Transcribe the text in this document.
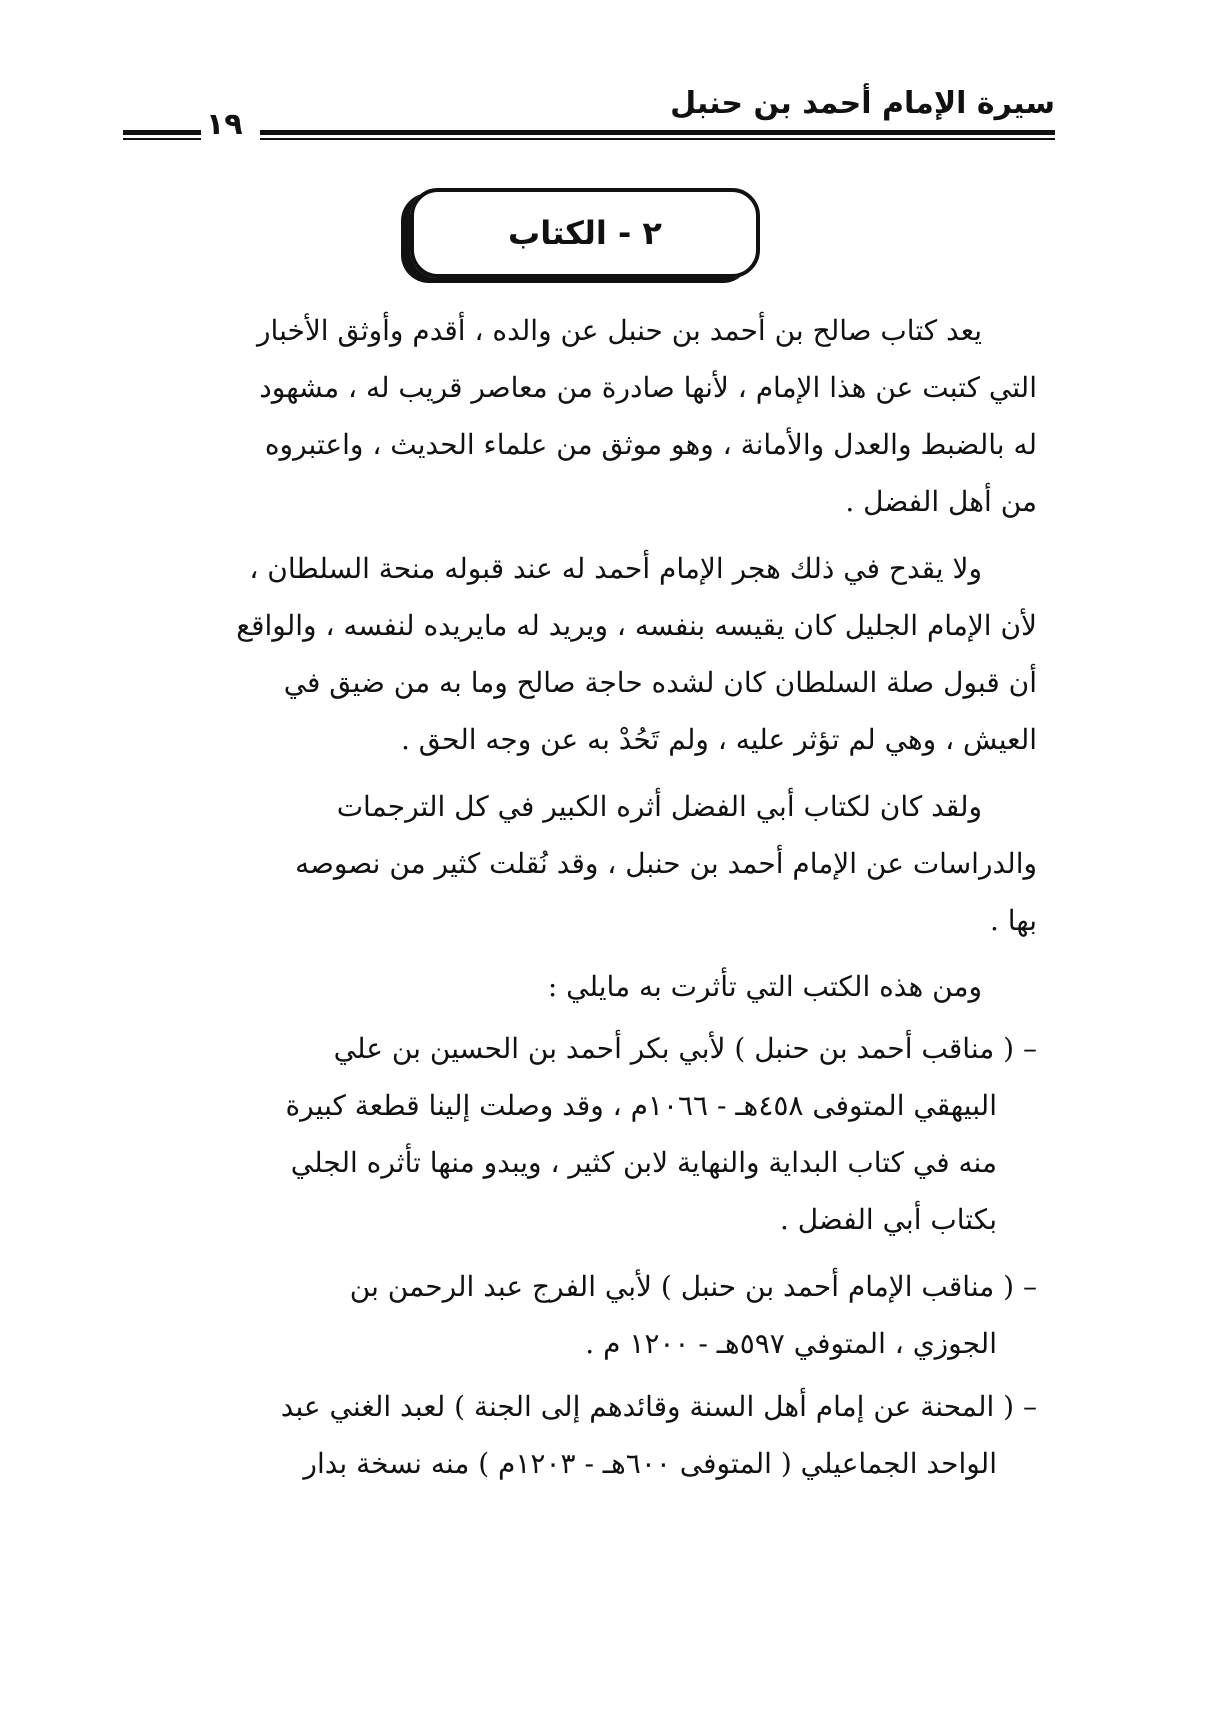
سيرة الإمام أحمد بن حنبل
١٩
٢ - الكتاب
يعد كتاب صالح بن أحمد بن حنبل عن والده ، أقدم وأوثق الأخبار
التي كتبت عن هذا الإمام ، لأنها صادرة من معاصر قريب له ، مشهود
له بالضبط والعدل والأمانة ، وهو موثق من علماء الحديث ، واعتبروه
من أهل الفضل .
ولا يقدح في ذلك هجر الإمام أحمد له عند قبوله منحة السلطان ،
لأن الإمام الجليل كان يقيسه بنفسه ، ويريد له مايريده لنفسه ، والواقع
أن قبول صلة السلطان كان لشده حاجة صالح وما به من ضيق في
العيش ، وهي لم تؤثر عليه ، ولم تَحُدْ به عن وجه الحق .
ولقد كان لكتاب أبي الفضل أثره الكبير في كل الترجمات
والدراسات عن الإمام أحمد بن حنبل ، وقد نُقلت كثير من نصوصه
بها .
ومن هذه الكتب التي تأثرت به مايلي :
– ( مناقب أحمد بن حنبل ) لأبي بكر أحمد بن الحسين بن علي
البيهقي المتوفى ٤٥٨هـ - ١٠٦٦م ، وقد وصلت إلينا قطعة كبيرة
منه في كتاب البداية والنهاية لابن كثير ، ويبدو منها تأثره الجلي
بكتاب أبي الفضل .
– ( مناقب الإمام أحمد بن حنبل ) لأبي الفرج عبد الرحمن بن
الجوزي ، المتوفي ٥٩٧هـ - ١٢٠٠ م .
– ( المحنة عن إمام أهل السنة وقائدهم إلى الجنة ) لعبد الغني عبد
الواحد الجماعيلي ( المتوفى ٦٠٠هـ - ١٢٠٣م ) منه نسخة بدار
